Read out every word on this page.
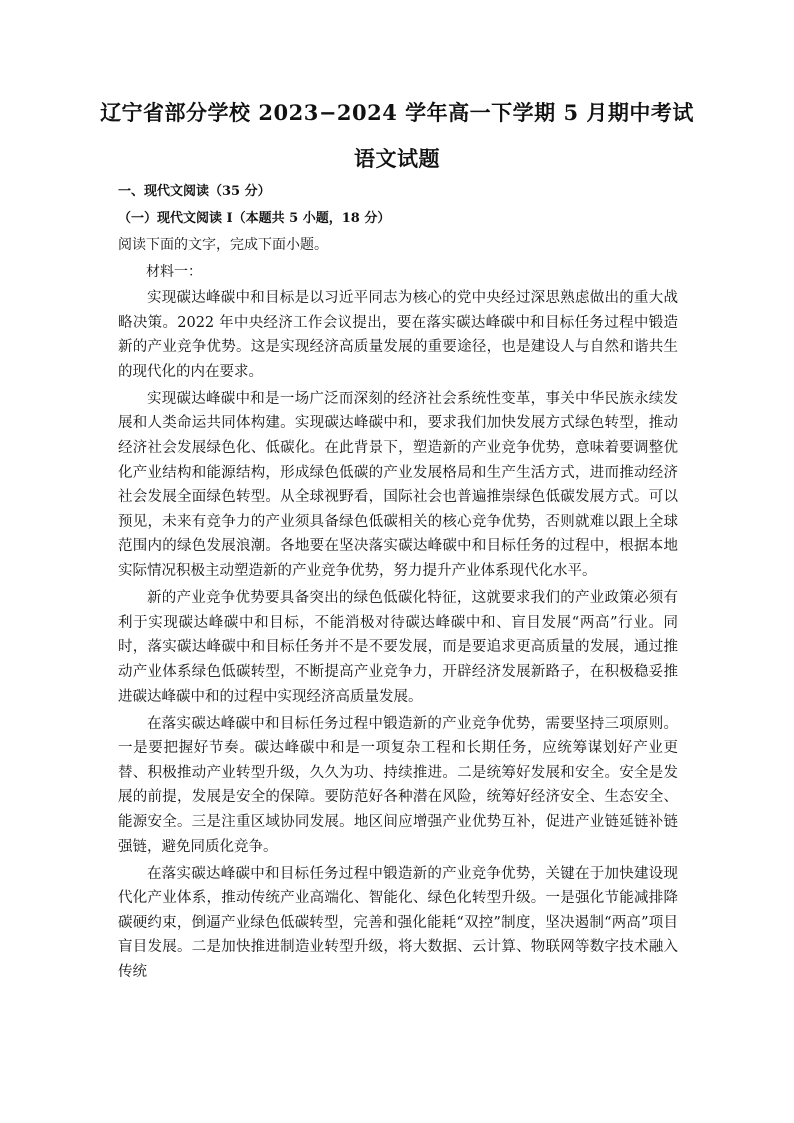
辽宁省部分学校 2023−2024 学年高一下学期 5 月期中考试
语文试题

一、现代文阅读（35 分）

（一）现代文阅读 I（本题共 5 小题，18 分）

阅读下面的文字，完成下面小题。

材料一：

实现碳达峰碳中和目标是以习近平同志为核心的党中央经过深思熟虑做出的重大战略决策。2022 年中央经济工作会议提出，要在落实碳达峰碳中和目标任务过程中锻造新的产业竞争优势。这是实现经济高质量发展的重要途径，也是建设人与自然和谐共生的现代化的内在要求。

实现碳达峰碳中和是一场广泛而深刻的经济社会系统性变革，事关中华民族永续发展和人类命运共同体构建。实现碳达峰碳中和，要求我们加快发展方式绿色转型，推动经济社会发展绿色化、低碳化。在此背景下，塑造新的产业竞争优势，意味着要调整优化产业结构和能源结构，形成绿色低碳的产业发展格局和生产生活方式，进而推动经济社会发展全面绿色转型。从全球视野看，国际社会也普遍推崇绿色低碳发展方式。可以预见，未来有竞争力的产业须具备绿色低碳相关的核心竞争优势，否则就难以跟上全球范围内的绿色发展浪潮。各地要在坚决落实碳达峰碳中和目标任务的过程中，根据本地实际情况积极主动塑造新的产业竞争优势，努力提升产业体系现代化水平。

新的产业竞争优势要具备突出的绿色低碳化特征，这就要求我们的产业政策必须有利于实现碳达峰碳中和目标，不能消极对待碳达峰碳中和、盲目发展“两高”行业。同时，落实碳达峰碳中和目标任务并不是不要发展，而是要追求更高质量的发展，通过推动产业体系绿色低碳转型，不断提高产业竞争力，开辟经济发展新路子，在积极稳妥推进碳达峰碳中和的过程中实现经济高质量发展。

在落实碳达峰碳中和目标任务过程中锻造新的产业竞争优势，需要坚持三项原则。一是要把握好节奏。碳达峰碳中和是一项复杂工程和长期任务，应统筹谋划好产业更替、积极推动产业转型升级，久久为功、持续推进。二是统筹好发展和安全。安全是发展的前提，发展是安全的保障。要防范好各种潜在风险，统筹好经济安全、生态安全、能源安全。三是注重区域协同发展。地区间应增强产业优势互补，促进产业链延链补链强链，避免同质化竞争。

在落实碳达峰碳中和目标任务过程中锻造新的产业竞争优势，关键在于加快建设现代化产业体系，推动传统产业高端化、智能化、绿色化转型升级。一是强化节能减排降碳硬约束，倒逼产业绿色低碳转型，完善和强化能耗“双控”制度，坚决遏制“两高”项目盲目发展。二是加快推进制造业转型升级，将大数据、云计算、物联网等数字技术融入传统
